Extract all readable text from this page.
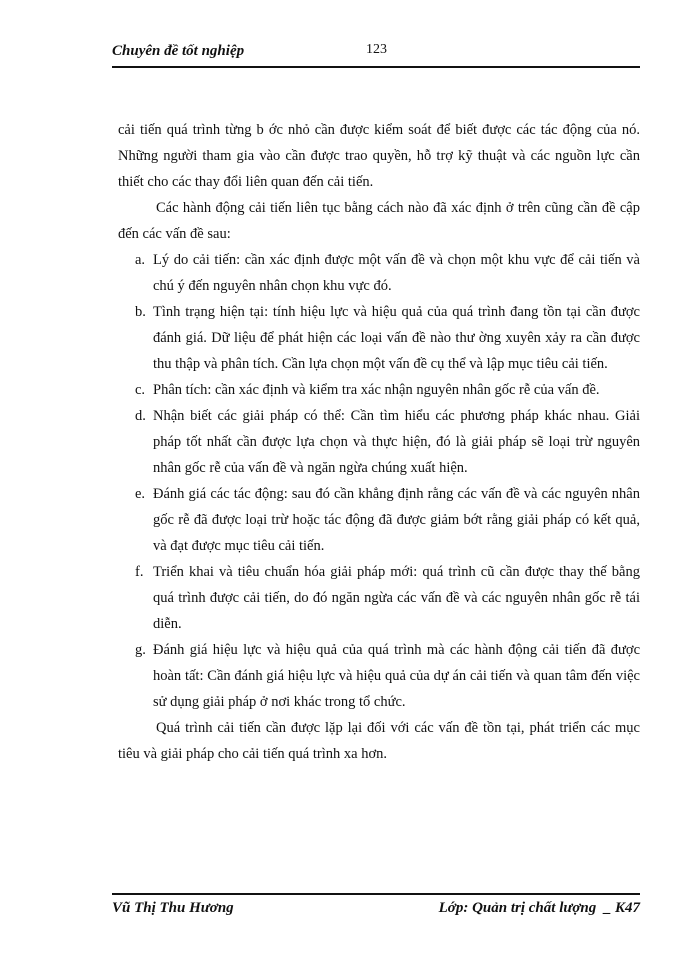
Chuyên đề tốt nghiệp	123

cải tiến quá trình từng b ớc nhỏ cần được kiểm soát để biết được các tác động của nó. Những người tham gia vào cần được trao quyền, hỗ trợ kỹ thuật và các nguồn lực cần thiết cho các thay đổi liên quan đến cải tiến.

Các hành động cải tiến liên tục bằng cách nào đã xác định ở trên cũng cần đề cập đến các vấn đề sau:

a. Lý do cải tiến: cần xác định được một vấn đề và chọn một khu vực để cải tiến và chú ý đến nguyên nhân chọn khu vực đó.
b. Tình trạng hiện tại: tính hiệu lực và hiệu quả của quá trình đang tồn tại cần được đánh giá. Dữ liệu để phát hiện các loại vấn đề nào thư ờng xuyên xảy ra cần được thu thập và phân tích. Cần lựa chọn một vấn đề cụ thể và lập mục tiêu cải tiến.
c. Phân tích: cần xác định và kiểm tra xác nhận nguyên nhân gốc rễ của vấn đề.
d. Nhận biết các giải pháp có thể: Cần tìm hiểu các phương pháp khác nhau. Giải pháp tốt nhất cần được lựa chọn và thực hiện, đó là giải pháp sẽ loại trừ nguyên nhân gốc rễ của vấn đề và ngăn ngừa chúng xuất hiện.
e. Đánh giá các tác động: sau đó cần khẳng định rằng các vấn đề và các nguyên nhân gốc rễ đã được loại trừ hoặc tác động đã được giảm bớt rằng giải pháp có kết quả, và đạt được mục tiêu cải tiến.
f. Triển khai và tiêu chuẩn hóa giải pháp mới: quá trình cũ cần được thay thế bằng quá trình được cải tiến, do đó ngăn ngừa các vấn đề và các nguyên nhân gốc rễ tái diễn.
g. Đánh giá hiệu lực và hiệu quả của quá trình mà các hành động cải tiến đã được hoàn tất: Cần đánh giá hiệu lực và hiệu quả của dự án cải tiến và quan tâm đến việc sử dụng giải pháp ở nơi khác trong tổ chức.

Quá trình cải tiến cần được lặp lại đối với các vấn đề tồn tại, phát triển các mục tiêu và giải pháp cho cải tiến quá trình xa hơn.

Vũ Thị Thu Hương	Lớp: Quản trị chất lượng  _ K47
